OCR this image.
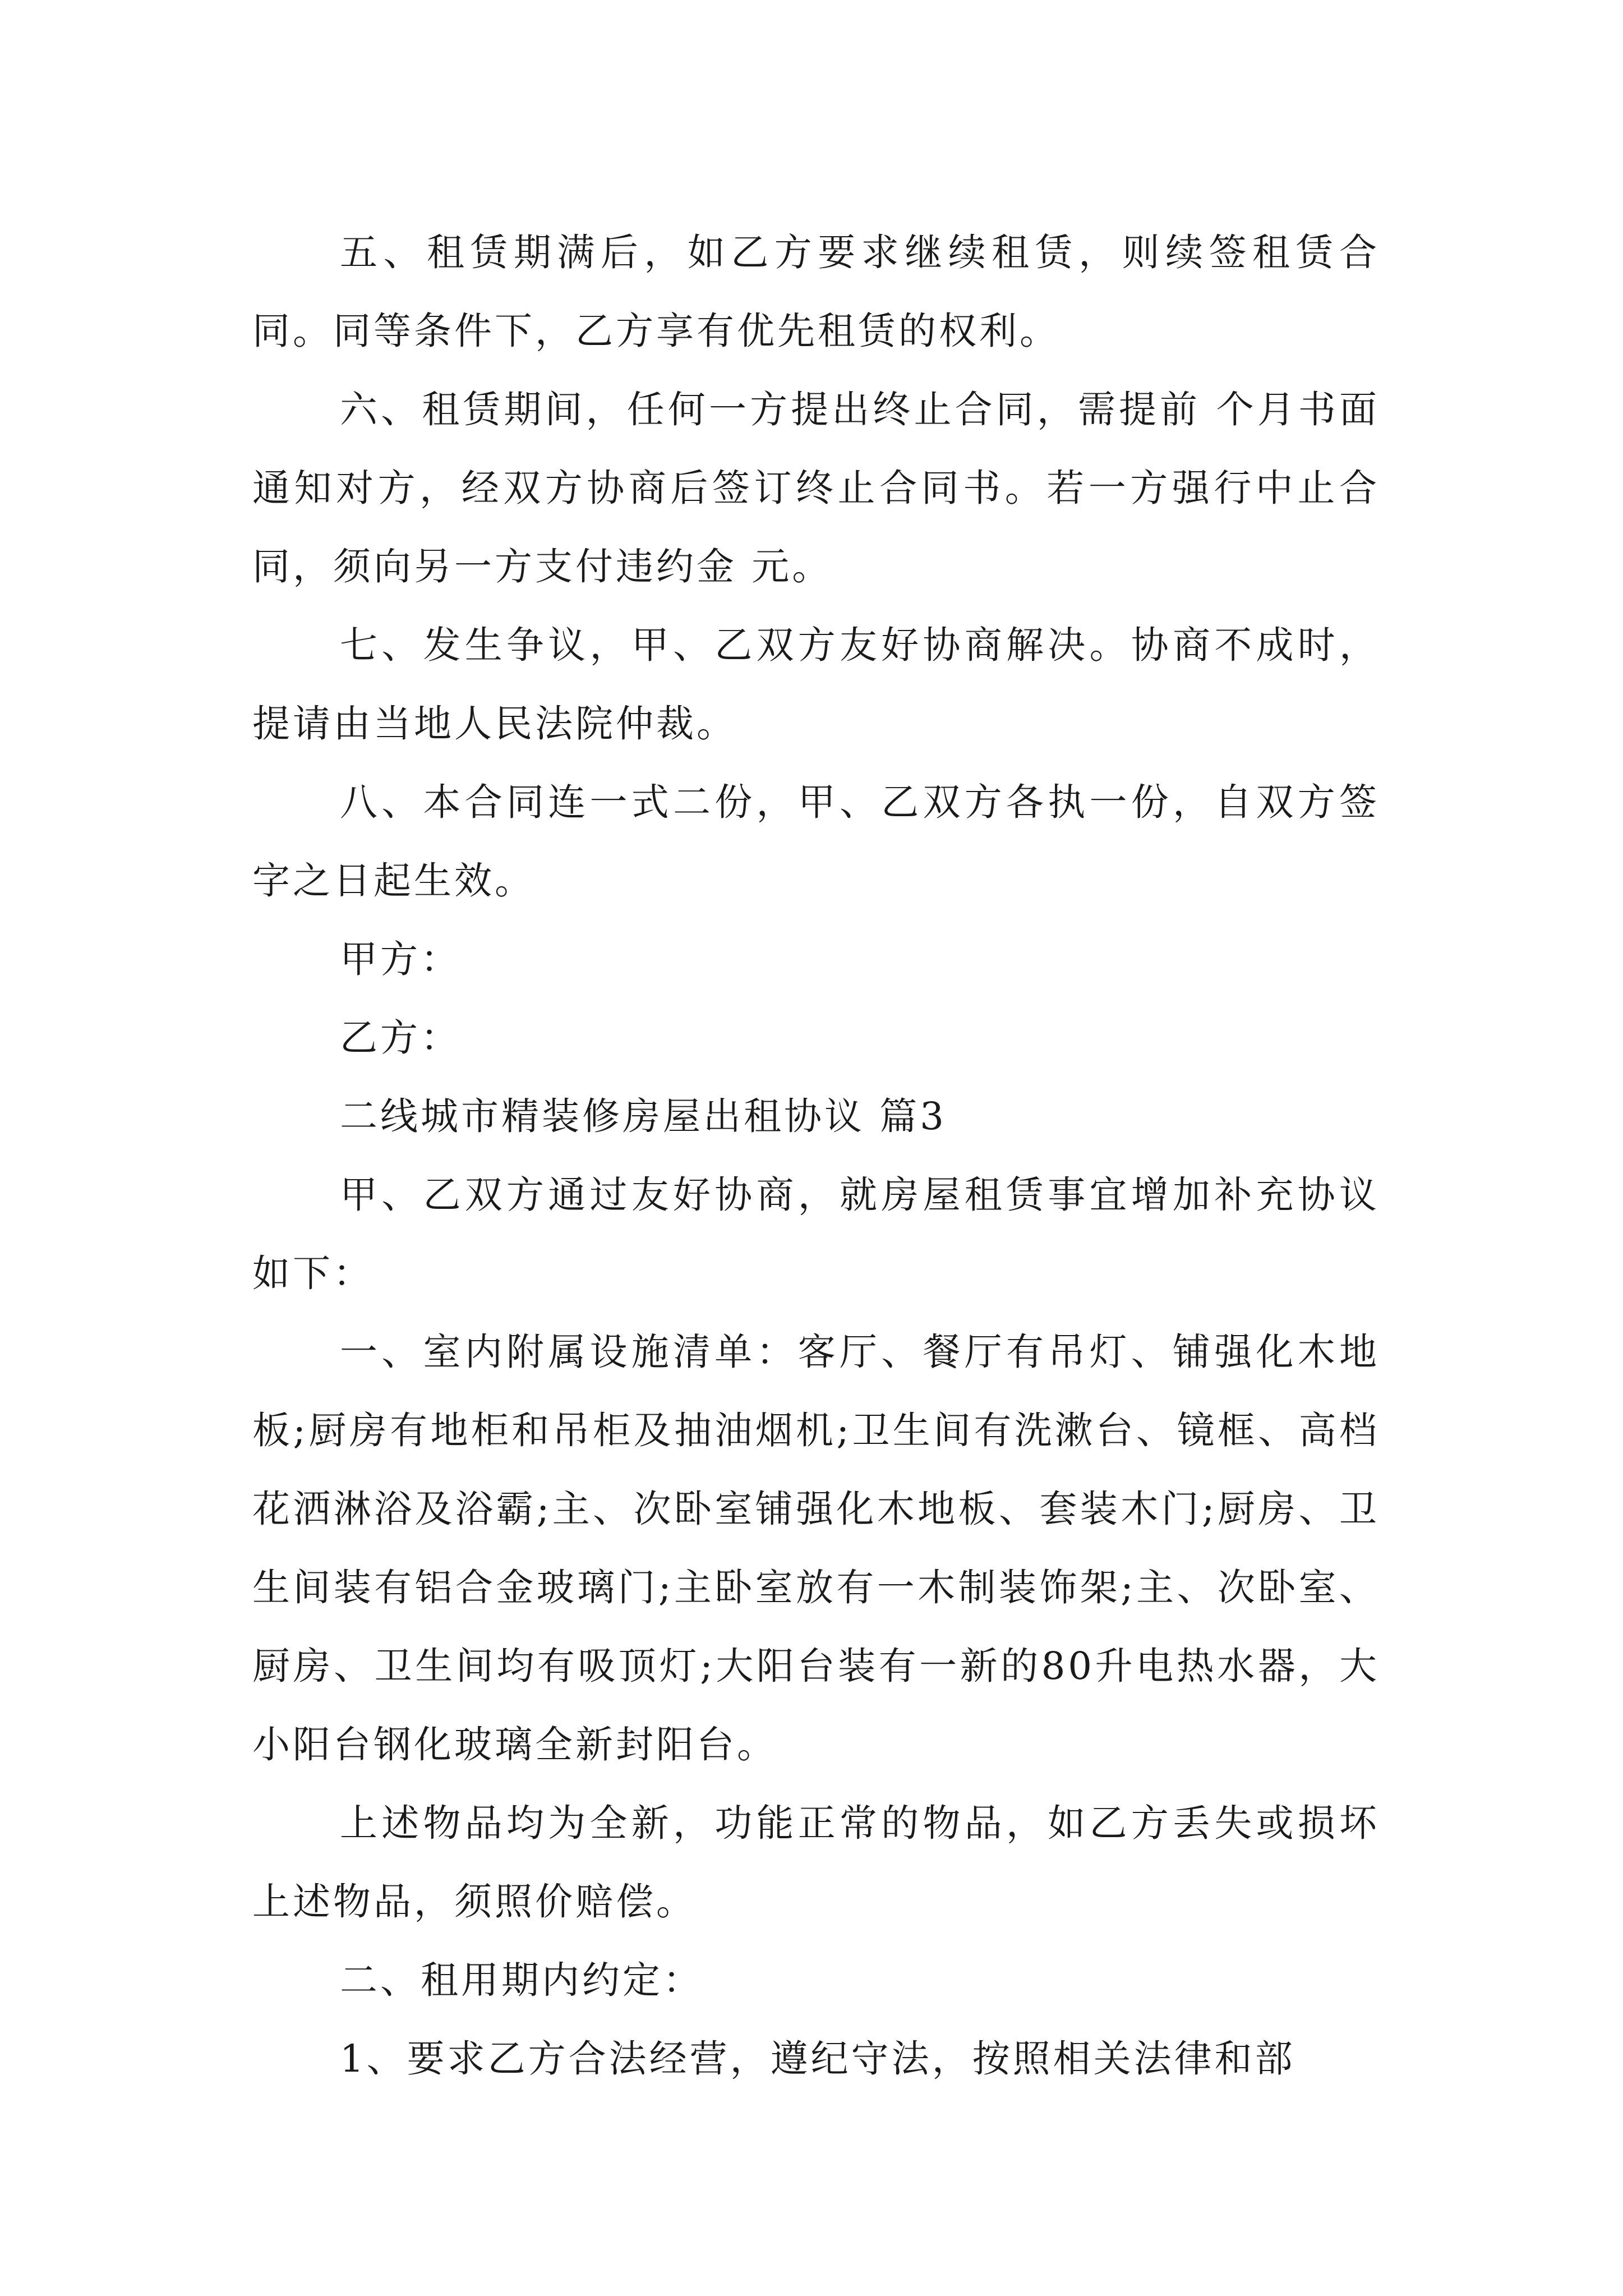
五、租赁期满后，如乙方要求继续租赁，则续签租赁合同。同等条件下，乙方享有优先租赁的权利。

六、租赁期间，任何一方提出终止合同，需提前 个月书面通知对方，经双方协商后签订终止合同书。若一方强行中止合同，须向另一方支付违约金 元。

七、发生争议，甲、乙双方友好协商解决。协商不成时，提请由当地人民法院仲裁。

八、本合同连一式二份，甲、乙双方各执一份，自双方签字之日起生效。

甲方：

乙方：

二线城市精装修房屋出租协议 篇3

甲、乙双方通过友好协商，就房屋租赁事宜增加补充协议如下：

一、室内附属设施清单：客厅、餐厅有吊灯、铺强化木地板;厨房有地柜和吊柜及抽油烟机;卫生间有洗漱台、镜框、高档花洒淋浴及浴霸;主、次卧室铺强化木地板、套装木门;厨房、卫生间装有铝合金玻璃门;主卧室放有一木制装饰架;主、次卧室、厨房、卫生间均有吸顶灯;大阳台装有一新的80升电热水器，大小阳台钢化玻璃全新封阳台。

上述物品均为全新，功能正常的物品，如乙方丢失或损坏上述物品，须照价赔偿。

二、租用期内约定：

1、要求乙方合法经营，遵纪守法，按照相关法律和部
